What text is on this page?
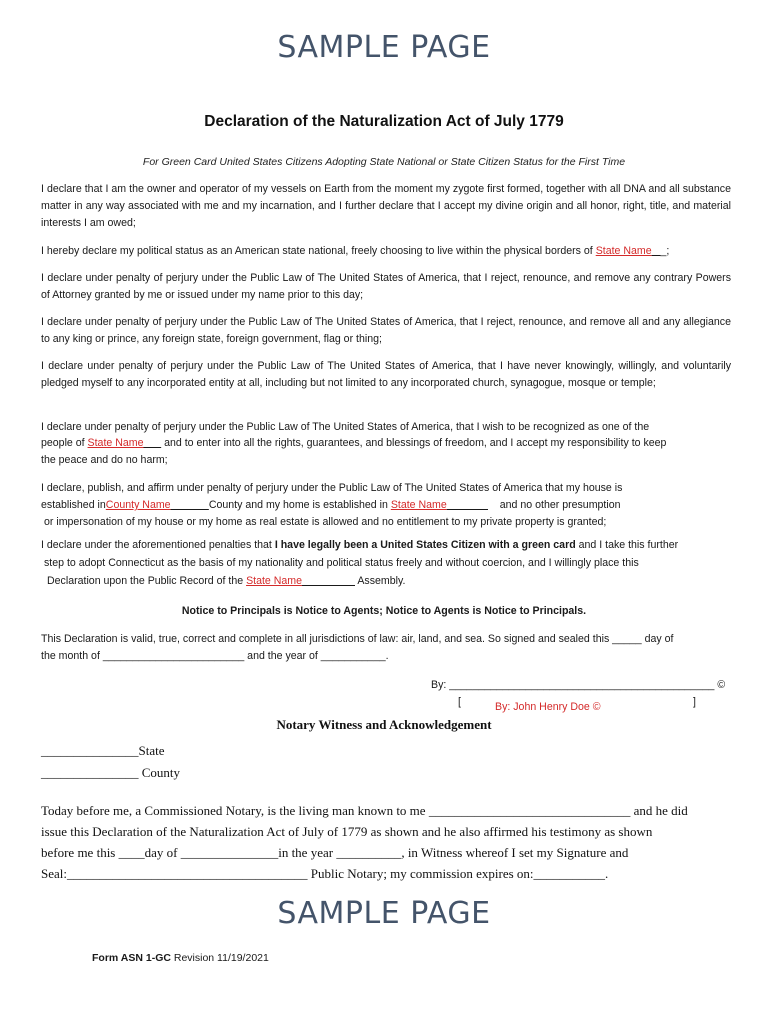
SAMPLE PAGE
Declaration of the Naturalization Act of July 1779
For Green Card United States Citizens Adopting State National or State Citizen Status for the First Time
I declare that I am the owner and operator of my vessels on Earth from the moment my zygote first formed, together with all DNA and all substance matter in any way associated with me and my incarnation, and I further declare that I accept my divine origin and all honor, right, title, and material interests I am owed;
I hereby declare my political status as an American state national, freely choosing to live within the physical borders of State Name _;
I declare under penalty of perjury under the Public Law of The United States of America, that I reject, renounce, and remove any contrary Powers of Attorney granted by me or issued under my name prior to this day;
I declare under penalty of perjury under the Public Law of The United States of America, that I reject, renounce, and remove all and any allegiance to any king or prince, any foreign state, foreign government, flag or thing;
I declare under penalty of perjury under the Public Law of The United States of America, that I have never knowingly, willingly, and voluntarily pledged myself to any incorporated entity at all, including but not limited to any incorporated church, synagogue, mosque or temple;
I declare under penalty of perjury under the Public Law of The United States of America, that I wish to be recognized as one of the
people of State Name and to enter into all the rights, guarantees, and blessings of freedom, and I accept my responsibility to keep
the peace and do no harm;
I declare, publish, and affirm under penalty of perjury under the Public Law of The United States of America that my house is
established inCounty Name	County and my home is established in State Name	and no other presumption
or impersonation of my house or my home as real estate is allowed and no entitlement to my private property is granted;
I declare under the aforementioned penalties that I have legally been a United States Citizen with a green card and I take this further
step to adopt Connecticut as the basis of my nationality and political status freely and without coercion, and I willingly place this
Declaration upon the Public Record of the State Name	Assembly.
Notice to Principals is Notice to Agents; Notice to Agents is Notice to Principals.
This Declaration is valid, true, correct and complete in all jurisdictions of law: air, land, and sea. So signed and sealed this _____ day of
the month of ________________________ and the year of ___________.
By: _____________________________________________ ©
[	By: John Henry Doe ©	]
Notary Witness and Acknowledgement
_______________State
_______________ County
Today before me, a Commissioned Notary, is the living man known to me _______________________________ and he did
issue this Declaration of the Naturalization Act of July of 1779 as shown and he also affirmed his testimony as shown
before me this ____day of _______________in the year __________, in Witness whereof I set my Signature and
Seal:_____________________________________ Public Notary; my commission expires on:___________.
SAMPLE PAGE
Form ASN 1-GC Revision 11/19/2021
